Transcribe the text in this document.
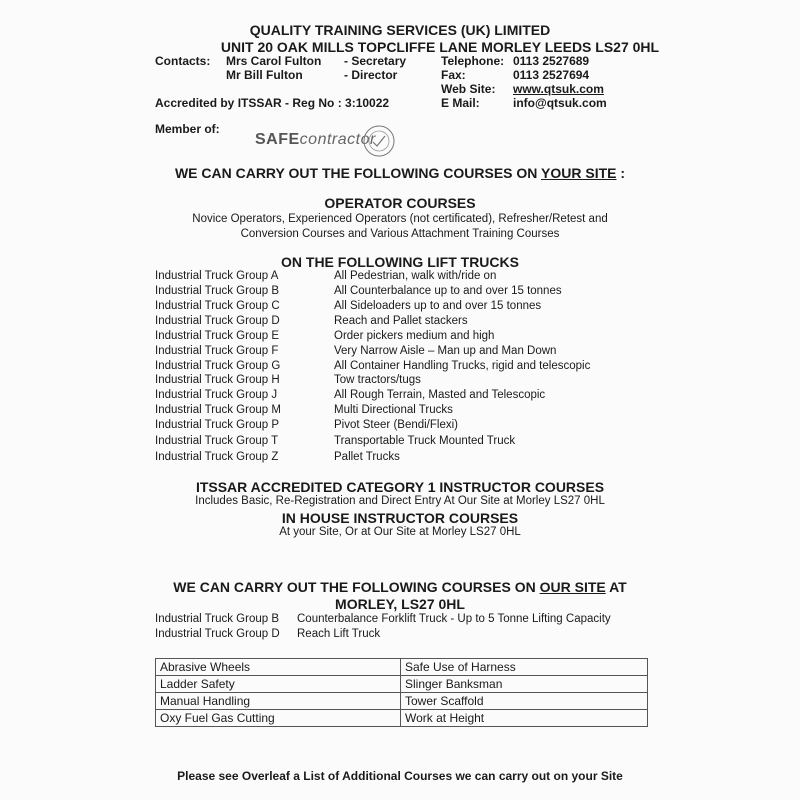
QUALITY TRAINING SERVICES (UK) LIMITED
UNIT 20 OAK MILLS TOPCLIFFE LANE MORLEY LEEDS LS27 0HL
Contacts: Mrs Carol Fulton - Secretary
Mr Bill Fulton	- Director
Telephone: 0113 2527689
Fax:	0113 2527694
Web Site: www.qtsuk.com
E Mail:	info@qtsuk.com
Accredited by ITSSAR - Reg No : 3:10022
Member of:
SAFEcontractor
WE CAN CARRY OUT THE FOLLOWING COURSES ON YOUR SITE :
OPERATOR COURSES
Novice Operators, Experienced Operators (not certificated), Refresher/Retest and
Conversion Courses and Various Attachment Training Courses
ON THE FOLLOWING LIFT TRUCKS
Industrial Truck Group A	All Pedestrian, walk with/ride on
Industrial Truck Group B	All Counterbalance up to and over 15 tonnes
Industrial Truck Group C	All Sideloaders up to and over 15 tonnes
Industrial Truck Group D	Reach and Pallet stackers
Industrial Truck Group E	Order pickers medium and high
Industrial Truck Group F	Very Narrow Aisle – Man up and Man Down
Industrial Truck Group G	All Container Handling Trucks, rigid and telescopic
Industrial Truck Group H	Tow tractors/tugs
Industrial Truck Group J	All Rough Terrain, Masted and Telescopic
Industrial Truck Group M	Multi Directional Trucks
Industrial Truck Group P	Pivot Steer (Bendi/Flexi)
Industrial Truck Group T	Transportable Truck Mounted Truck
Industrial Truck Group Z	Pallet Trucks
ITSSAR ACCREDITED CATEGORY 1 INSTRUCTOR COURSES
Includes Basic, Re-Registration and Direct Entry At Our Site at Morley LS27 0HL
IN HOUSE INSTRUCTOR COURSES
At your Site, Or at Our Site at Morley LS27 0HL
WE CAN CARRY OUT THE FOLLOWING COURSES ON OUR SITE AT
MORLEY, LS27 0HL
Industrial Truck Group B Counterbalance Forklift Truck - Up to 5 Tonne Lifting Capacity
Industrial Truck Group D Reach Lift Truck
Abrasive Wheels	Safe Use of Harness
Ladder Safety	Slinger Banksman
Manual Handling	Tower Scaffold
Oxy Fuel Gas Cutting	Work at Height
Please see Overleaf a List of Additional Courses we can carry out on your Site
